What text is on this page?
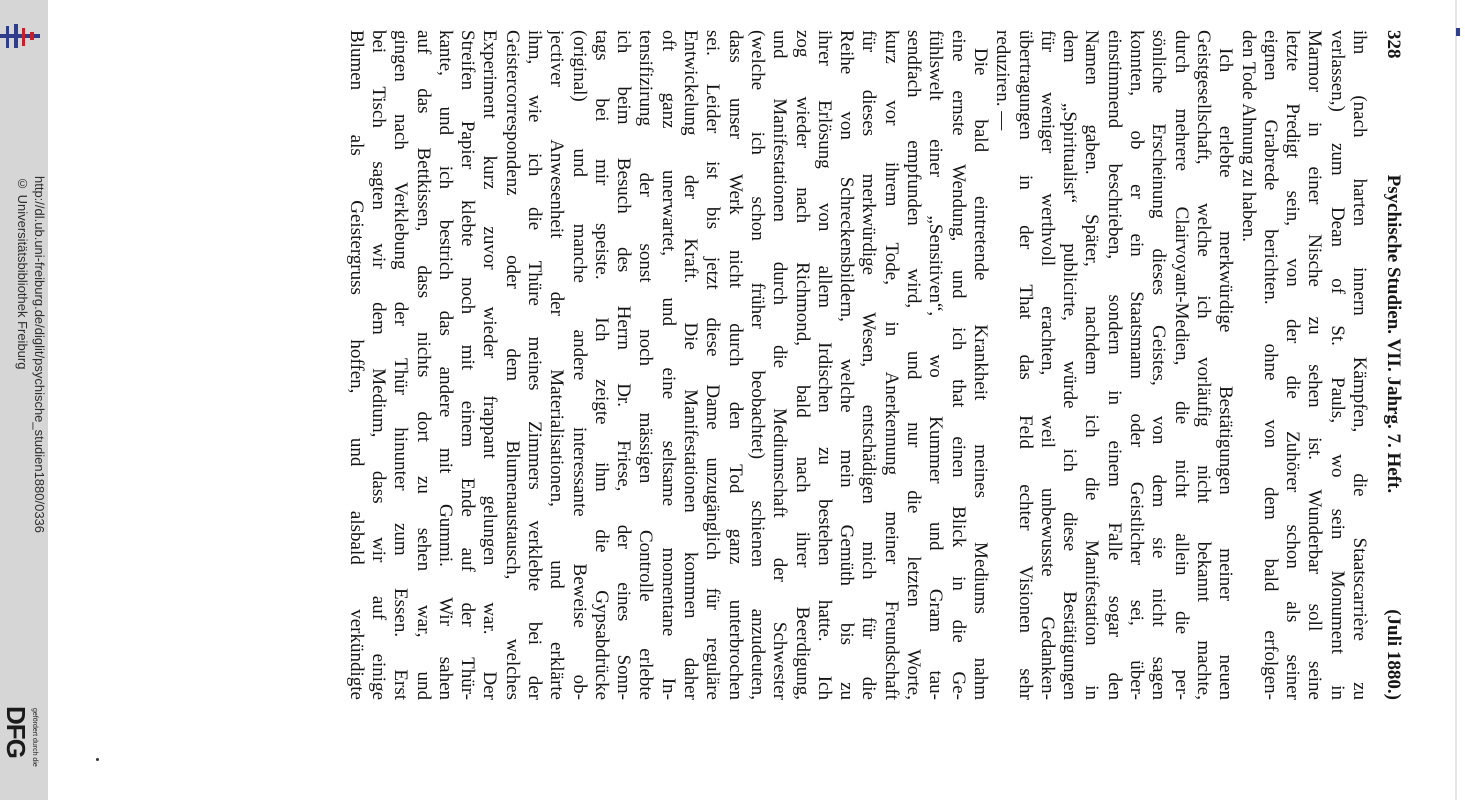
http://dl.ub.uni-freiburg.de/diglit/psychische_studien1880/0336
© Universitätsbibliothek Freiburg
DFG gefördert durch die
328
Psychische Studien. VII. Jahrg. 7. Heft.
(Juli 1880.)
ihn (nach harten innern Kämpfen, die Staatscarrière zu
verlassen,) zum Dean of St. Pauls, wo sein Monument in
Marmor in einer Nische zu sehen ist. Wunderbar soll seine
letzte Predigt sein, von der die Zuhörer schon als seiner
eignen Grabrede berichten. ohne von dem bald erfolgen-
den Tode Ahnung zu haben.
Ich erlebte merkwürdige Bestätigungen meiner neuen
Geistgesellschaft, welche ich vorläufig nicht bekannt machte,
durch mehrere Clairvoyant-Medien, die nicht allein die per-
sönliche Erscheinung dieses Geistes, von dem sie nicht sagen
konnten, ob er ein Staatsmann oder Geistlicher sei, über-
einstimmend beschrieben, sondern in einem Falle sogar den
Namen gaben. Später, nachdem ich die Manifestation in
dem „Spiritualist“ publicirte, würde ich diese Bestätigungen
für weniger werthvoll erachten, weil unbewusste Gedanken-
übertragungen in der That das Feld echter Visionen sehr
reduziren. —
Die bald eintretende Krankheit meines Mediums nahm
eine ernste Wendung, und ich that einen Blick in die Ge-
fühlswelt einer „Sensitiven“, wo Kummer und Gram tau-
sendfach empfunden wird, und nur die letzten Worte,
kurz vor ihrem Tode, in Anerkennung meiner Freundschaft
für dieses merkwürdige Wesen, entschädigen mich für die
Reihe von Schreckensbildern, welche mein Gemüth bis zu
ihrer Erlösung von allem Irdischen zu bestehen hatte. Ich
zog wieder nach Richmond, bald nach ihrer Beerdigung,
und Manifestationen durch die Mediumschaft der Schwester
(welche ich schon früher beobachtet) schienen anzudeuten,
dass unser Werk nicht durch den Tod ganz unterbrochen
sei. Leider ist bis jetzt diese Dame unzugänglich für reguläre
Entwickelung der Kraft. Die Manifestationen kommen daher
oft ganz unerwartet, und eine seltsame momentane In-
tensifizirung der sonst noch mässigen Controlle erlebte
ich beim Besuch des Herrn Dr. Friese, der eines Sonn-
tags bei mir speiste. Ich zeigte ihm die Gypsabdrücke
(original) und manche andere interessante Beweise ob-
jectiver Anwesenheit der Materialisationen, und erklärte
ihm, wie ich die Thüre meines Zimmers verklebte bei der
Geistercorrespondenz oder dem Blumenaustausch, welches
Experiment kurz zuvor wieder frappant gelungen war. Der
Streifen Papier klebte noch mit einem Ende auf der Thür-
kante, und ich bestrich das andere mit Gummi. Wir sahen
auf das Bettkissen, dass nichts dort zu sehen war, und
gingen nach Verklebung der Thür hinunter zum Essen. Erst
bei Tisch sagten wir dem Medium, dass wir auf einige
Blumen als Geistergruss hoffen, und alsbald verkündigte
